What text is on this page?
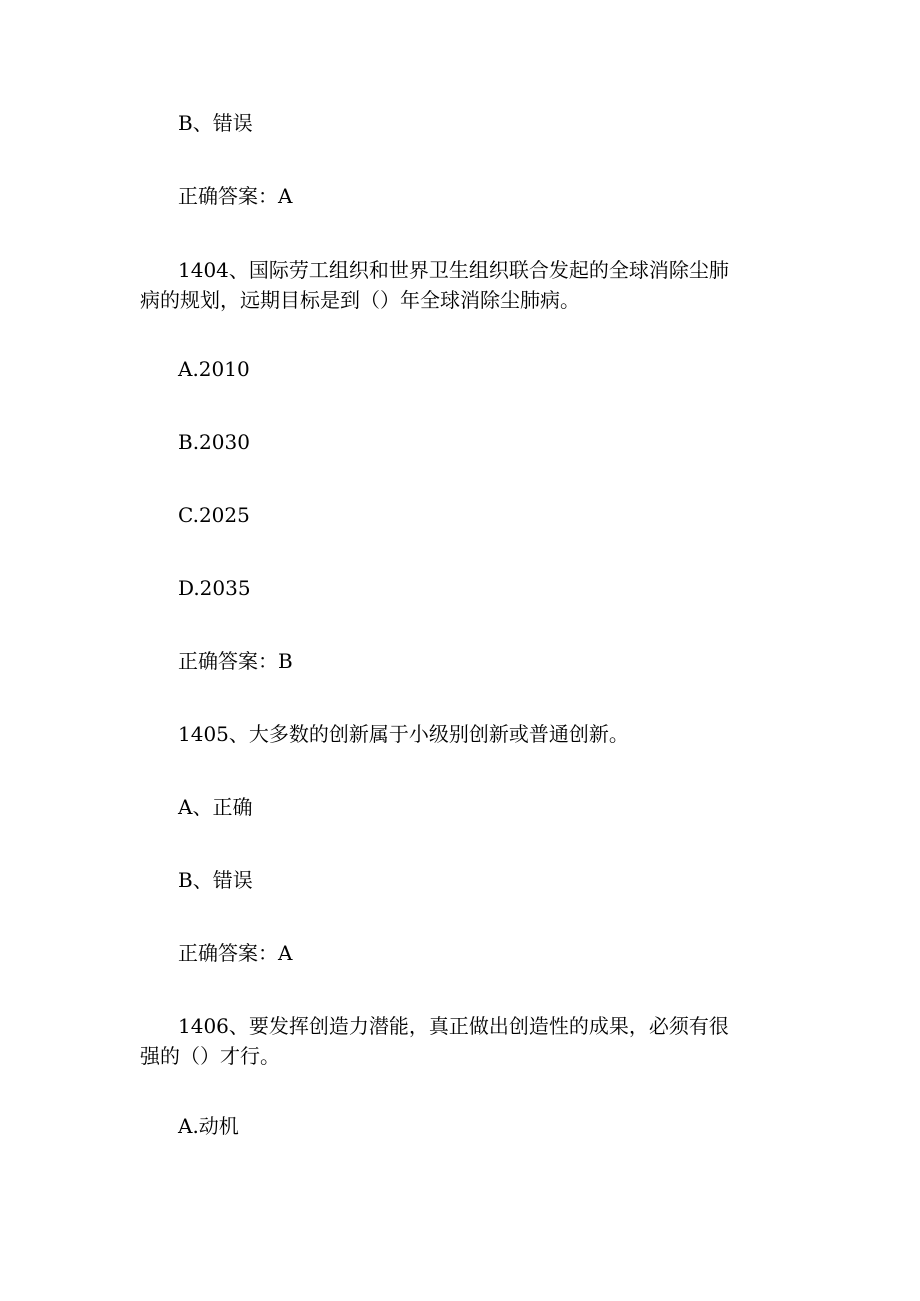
B、错误

正确答案：A

1404、国际劳工组织和世界卫生组织联合发起的全球消除尘肺

病的规划，远期目标是到（）年全球消除尘肺病。

A.2010

B.2030

C.2025

D.2035

正确答案：B

1405、大多数的创新属于小级别创新或普通创新。

A、正确

B、错误

正确答案：A

1406、要发挥创造力潜能，真正做出创造性的成果，必须有很

强的（）才行。

A.动机
